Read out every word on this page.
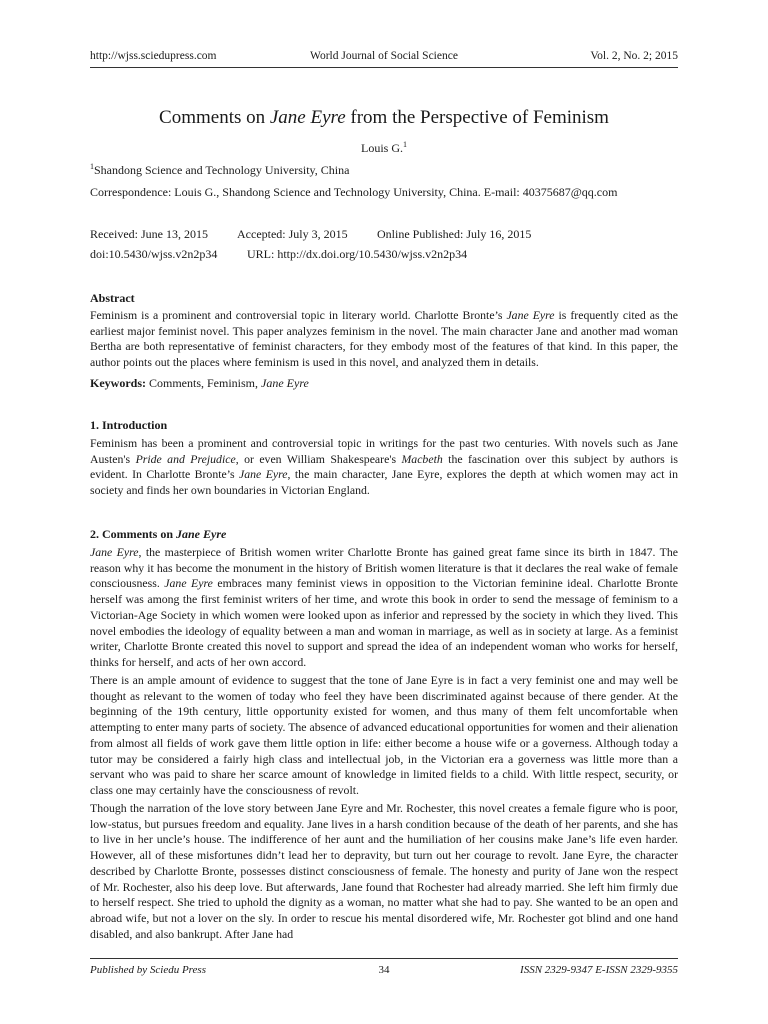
http://wjss.sciedupress.com	World Journal of Social Science	Vol. 2, No. 2; 2015
Comments on Jane Eyre from the Perspective of Feminism
Louis G.$^1$
$^1$Shandong Science and Technology University, China
Correspondence: Louis G., Shandong Science and Technology University, China. E-mail: 40375687@qq.com
Received: June 13, 2015 Accepted: July 3, 2015 Online Published: July 16, 2015
doi:10.5430/wjss.v2n2p34 URL: http://dx.doi.org/10.5430/wjss.v2n2p34
Abstract

Feminism is a prominent and controversial topic in literary world. Charlotte Bronte’s Jane Eyre is frequently cited as the earliest major feminist novel. This paper analyzes feminism in the novel. The main character Jane and another mad woman Bertha are both representative of feminist characters, for they embody most of the features of that kind. In this paper, the author points out the places where feminism is used in this novel, and analyzed them in details.

Keywords: Comments, Feminism, Jane Eyre
1. Introduction

Feminism has been a prominent and controversial topic in writings for the past two centuries. With novels such as Jane Austen's Pride and Prejudice, or even William Shakespeare's Macbeth the fascination over this subject by authors is evident. In Charlotte Bronte’s Jane Eyre, the main character, Jane Eyre, explores the depth at which women may act in society and finds her own boundaries in Victorian England.

2. Comments on Jane Eyre

Jane Eyre, the masterpiece of British women writer Charlotte Bronte has gained great fame since its birth in 1847. The reason why it has become the monument in the history of British women literature is that it declares the real wake of female consciousness. Jane Eyre embraces many feminist views in opposition to the Victorian feminine ideal. Charlotte Bronte herself was among the first feminist writers of her time, and wrote this book in order to send the message of feminism to a Victorian-Age Society in which women were looked upon as inferior and repressed by the society in which they lived. This novel embodies the ideology of equality between a man and woman in marriage, as well as in society at large. As a feminist writer, Charlotte Bronte created this novel to support and spread the idea of an independent woman who works for herself, thinks for herself, and acts of her own accord.

There is an ample amount of evidence to suggest that the tone of Jane Eyre is in fact a very feminist one and may well be thought as relevant to the women of today who feel they have been discriminated against because of there gender. At the beginning of the 19th century, little opportunity existed for women, and thus many of them felt uncomfortable when attempting to enter many parts of society. The absence of advanced educational opportunities for women and their alienation from almost all fields of work gave them little option in life: either become a house wife or a governess. Although today a tutor may be considered a fairly high class and intellectual job, in the Victorian era a governess was little more than a servant who was paid to share her scarce amount of knowledge in limited fields to a child. With little respect, security, or class one may certainly have the consciousness of revolt.

Though the narration of the love story between Jane Eyre and Mr. Rochester, this novel creates a female figure who is poor, low-status, but pursues freedom and equality. Jane lives in a harsh condition because of the death of her parents, and she has to live in her uncle’s house. The indifference of her aunt and the humiliation of her cousins make Jane’s life even harder. However, all of these misfortunes didn’t lead her to depravity, but turn out her courage to revolt. Jane Eyre, the character described by Charlotte Bronte, possesses distinct consciousness of female. The honesty and purity of Jane won the respect of Mr. Rochester, also his deep love. But afterwards, Jane found that Rochester had already married. She left him firmly due to herself respect. She tried to uphold the dignity as a woman, no matter what she had to pay. She wanted to be an open and abroad wife, but not a lover on the sly. In order to rescue his mental disordered wife, Mr. Rochester got blind and one hand disabled, and also bankrupt. After Jane had

Published by Sciedu Press	34	ISSN 2329-9347 E-ISSN 2329-9355
